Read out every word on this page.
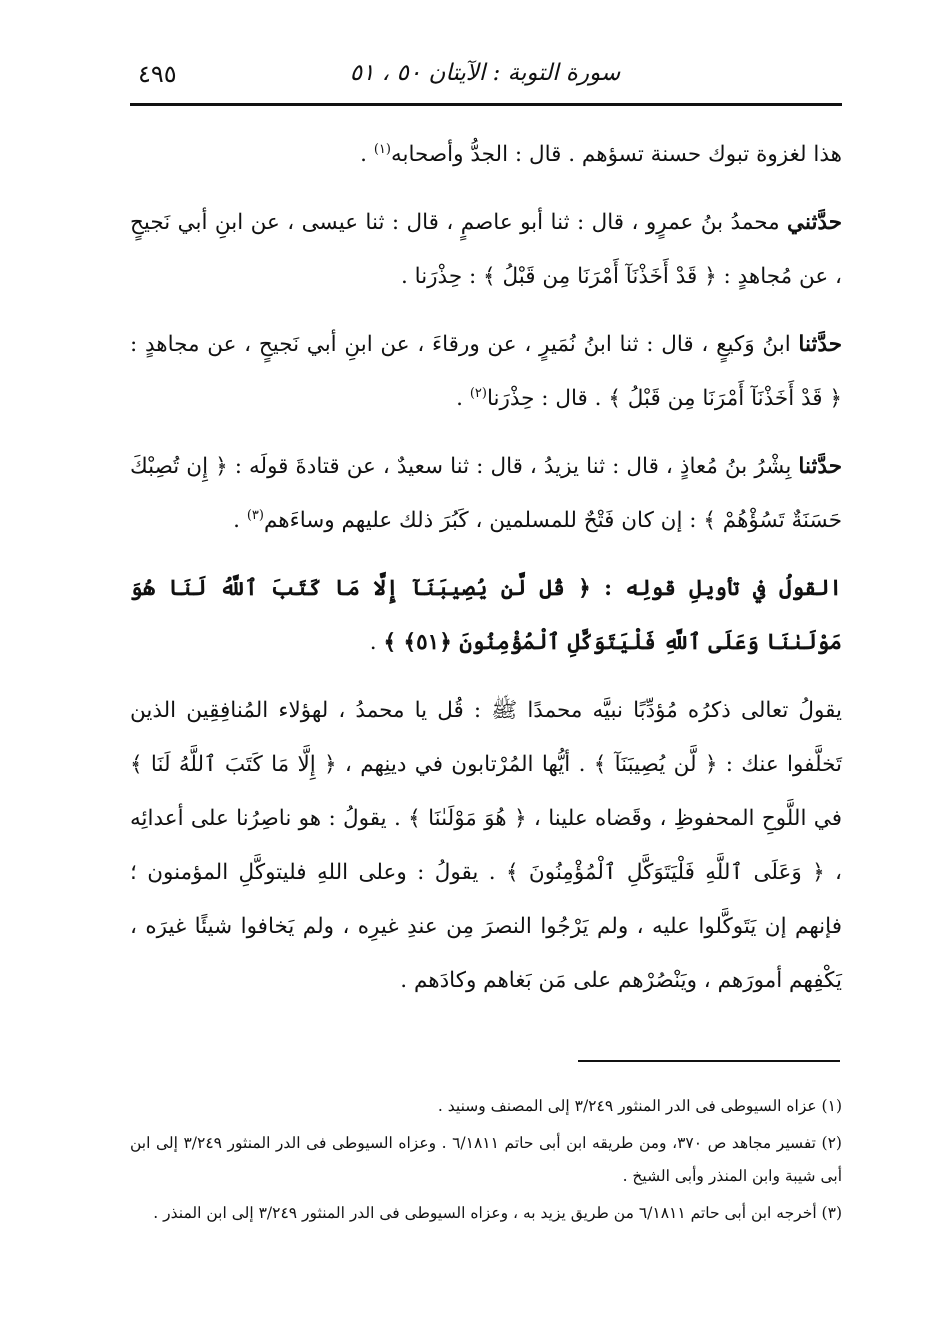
سورة التوبة : الآيتان ٥٠ ، ٥١
٤٩٥

هذا لغزوة تبوك حسنة تسؤهم . قال : الجدُّ وأصحابه$^{(١)}$ .

حدَّثني محمدُ بنُ عمرٍو ، قال : ثنا أبو عاصمٍ ، قال : ثنا عيسى ، عن ابنِ أبي نَجيحٍ ، عن مُجاهدٍ : ﴿ قَدْ أَخَذْنَآ أَمْرَنَا مِن قَبْلُ ﴾ : حِذْرَنا .

حدَّثنا ابنُ وَكيعٍ ، قال : ثنا ابنُ نُمَيرٍ ، عن ورقاءَ ، عن ابنِ أبي نَجيحٍ ، عن مجاهدٍ : ﴿ قَدْ أَخَذْنَآ أَمْرَنَا مِن قَبْلُ ﴾ . قال : حِذْرَنا$^{(٢)}$ .

حدَّثنا بِشْرُ بنُ مُعاذٍ ، قال : ثنا يزيدُ ، قال : ثنا سعيدٌ ، عن قتادةَ قولَه : ﴿ إِن تُصِبْكَ حَسَنَةٌ تَسُؤْهُمْ ﴾ : إن كان فَتْحٌ للمسلمين ، كَبُرَ ذلك عليهم وساءَهم$^{(٣)}$ .

القولُ في تأويلِ قولِه : ﴿ قُل لَّن يُصِيبَنَآ إِلَّا مَا كَتَبَ ٱللَّهُ لَنَا هُوَ مَوْلَىٰنَا وَعَلَى ٱللَّهِ فَلْيَتَوَكَّلِ ٱلْمُؤْمِنُونَ ﴿٥١﴾ ﴾ .

يقولُ تعالى ذكرُه مُؤدِّبًا نبيَّه محمدًا ﷺ : قُل يا محمدُ ، لهؤلاء المُنافِقِين الذين تَخلَّفوا عنك : ﴿ لَّن يُصِيبَنَآ ﴾ . أيُّها المُرْتابون في دينِهم ، ﴿ إِلَّا مَا كَتَبَ ٱللَّهُ لَنَا ﴾ في اللَّوحِ المحفوظِ ، وقَضاه علينا ، ﴿ هُوَ مَوْلَىٰنَا ﴾ . يقولُ : هو ناصِرُنا على أعدائِه ، ﴿ وَعَلَى ٱللَّهِ فَلْيَتَوَكَّلِ ٱلْمُؤْمِنُونَ ﴾ . يقولُ : وعلى اللهِ فليتوكَّلِ المؤمنون ؛ فإنهم إن يَتَوكَّلوا عليه ، ولم يَرْجُوا النصرَ مِن عندِ غيرِه ، ولم يَخافوا شيئًا غيرَه ، يَكْفِهم أمورَهم ، ويَنْصُرْهم على مَن بَغاهم وكادَهم .

(١) عزاه السيوطى فى الدر المنثور ٣/٢٤٩ إلى المصنف وسنيد .

(٢) تفسير مجاهد ص ٣٧٠، ومن طريقه ابن أبى حاتم ٦/١٨١١ . وعزاه السيوطى فى الدر المنثور ٣/٢٤٩ إلى ابن أبى شيبة وابن المنذر وأبى الشيخ .

(٣) أخرجه ابن أبى حاتم ٦/١٨١١ من طريق يزيد به ، وعزاه السيوطى فى الدر المنثور ٣/٢٤٩ إلى ابن المنذر .
